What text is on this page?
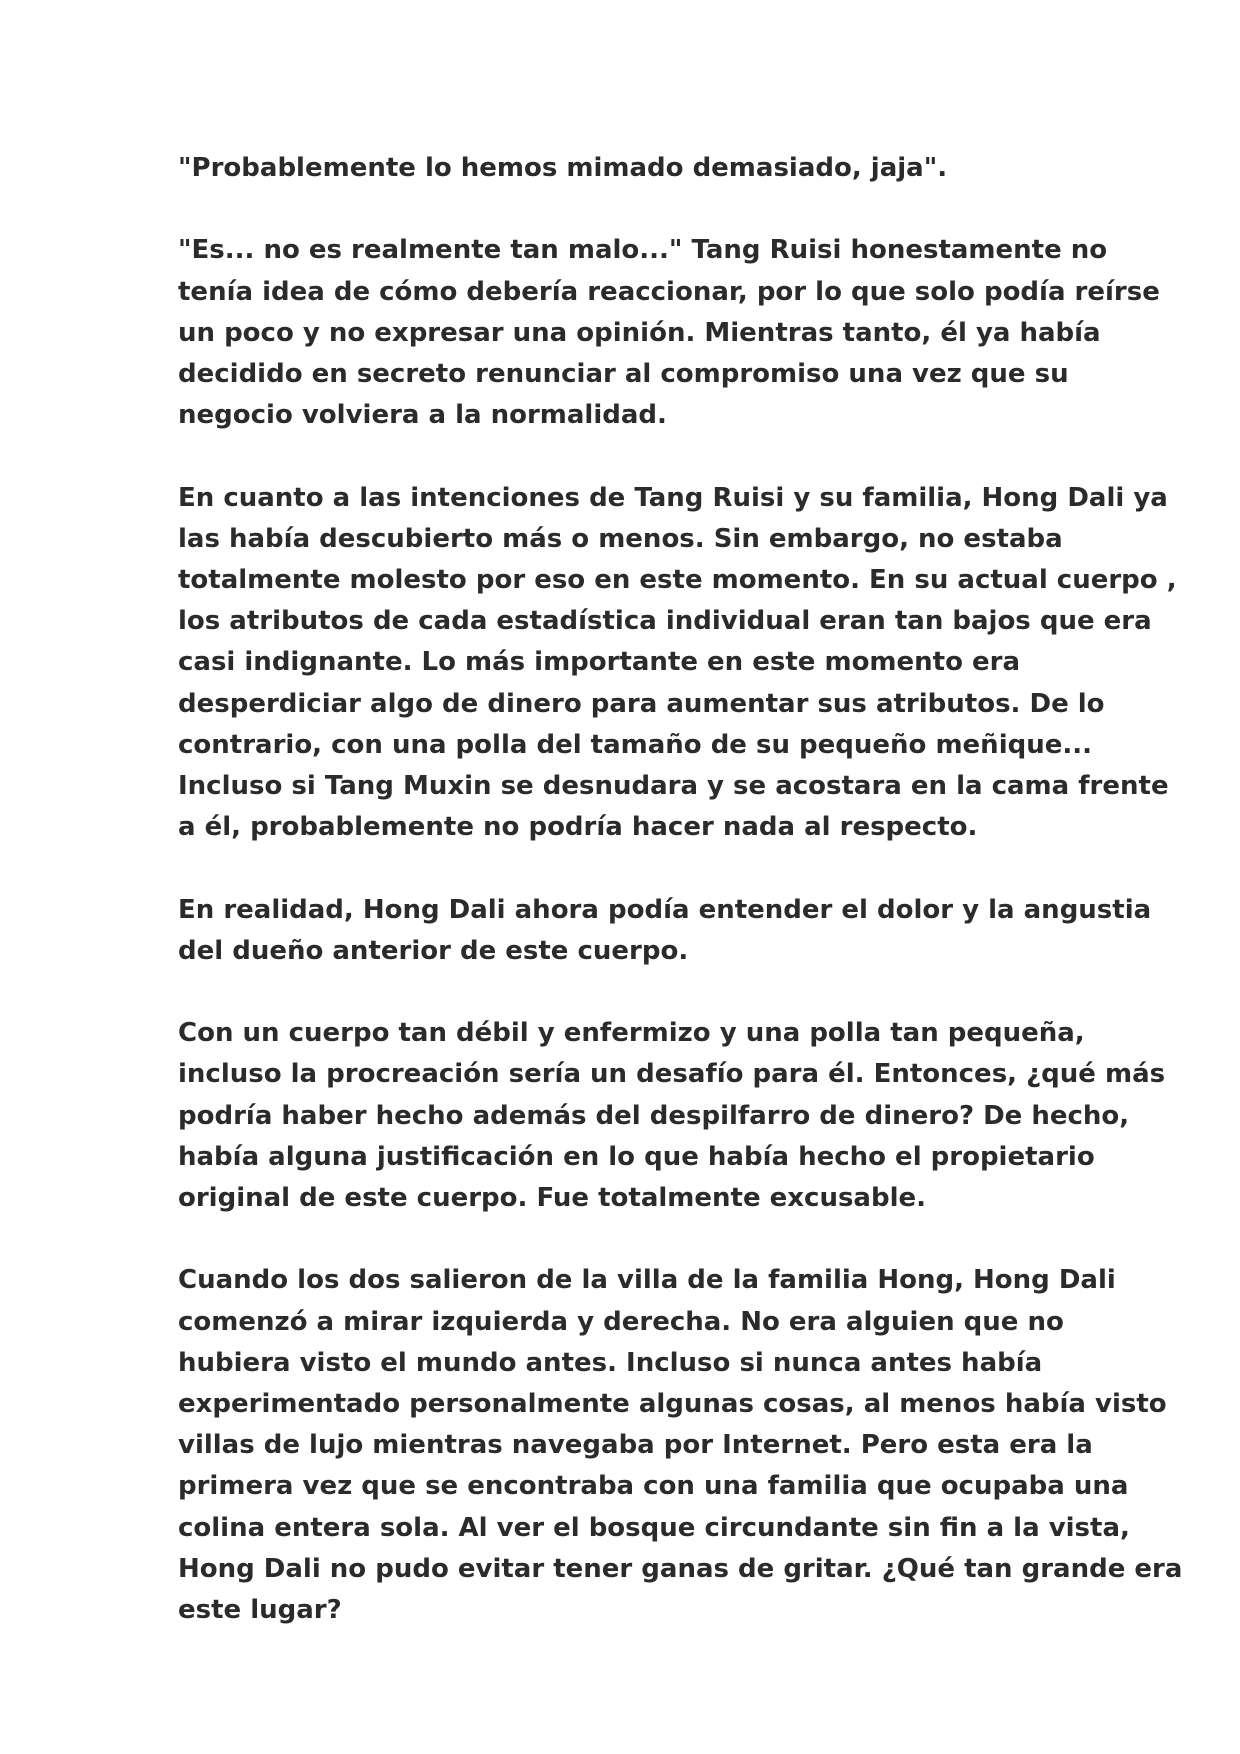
"Probablemente lo hemos mimado demasiado, jaja".
"Es... no es realmente tan malo..." Tang Ruisi honestamente no
tenía idea de cómo debería reaccionar, por lo que solo podía reírse
un poco y no expresar una opinión. Mientras tanto, él ya había
decidido en secreto renunciar al compromiso una vez que su
negocio volviera a la normalidad.
En cuanto a las intenciones de Tang Ruisi y su familia, Hong Dali ya
las había descubierto más o menos. Sin embargo, no estaba
totalmente molesto por eso en este momento. En su actual cuerpo ,
los atributos de cada estadística individual eran tan bajos que era
casi indignante. Lo más importante en este momento era
desperdiciar algo de dinero para aumentar sus atributos. De lo
contrario, con una polla del tamaño de su pequeño meñique...
Incluso si Tang Muxin se desnudara y se acostara en la cama frente
a él, probablemente no podría hacer nada al respecto.
En realidad, Hong Dali ahora podía entender el dolor y la angustia
del dueño anterior de este cuerpo.
Con un cuerpo tan débil y enfermizo y una polla tan pequeña,
incluso la procreación sería un desafío para él. Entonces, ¿qué más
podría haber hecho además del despilfarro de dinero? De hecho,
había alguna justificación en lo que había hecho el propietario
original de este cuerpo. Fue totalmente excusable.
Cuando los dos salieron de la villa de la familia Hong, Hong Dali
comenzó a mirar izquierda y derecha. No era alguien que no
hubiera visto el mundo antes. Incluso si nunca antes había
experimentado personalmente algunas cosas, al menos había visto
villas de lujo mientras navegaba por Internet. Pero esta era la
primera vez que se encontraba con una familia que ocupaba una
colina entera sola. Al ver el bosque circundante sin fin a la vista,
Hong Dali no pudo evitar tener ganas de gritar. ¿Qué tan grande era
este lugar?
